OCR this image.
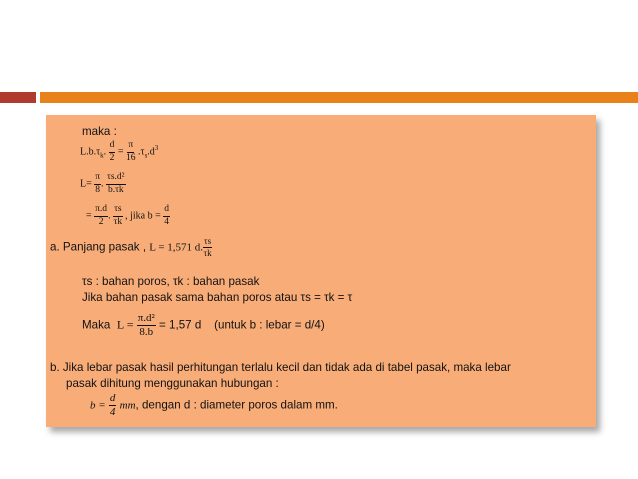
maka :
$L.b.\tau_k$. $\frac{d}{2} = \frac{\pi}{16} .\tau_s.d^3$
$L= \frac{\pi}{8}$ . $\frac{\text{τs.d²}}{b.\tau k}$
= $\frac{\pi.d}{2}$ . $\frac{\tau s}{\tau k}$ , jika $b = \frac{d}{4}$
a. Panjang pasak , L = 1,571 d. $\frac{\tau s}{\tau k}$
τs : bahan poros, τk : bahan pasak
Jika bahan pasak sama bahan poros atau τs = τk = τ
Maka $L = \frac{\text{π.d²}}{8.b} = 1,57$ d (untuk b : lebar = d/4)
b. Jika lebar pasak hasil perhitungan terlalu kecil dan tidak ada di tabel pasak, maka lebar
pasak dihitung menggunakan hubungan :
$b = \frac{d}{4}$ mm, dengan d : diameter poros dalam mm.
